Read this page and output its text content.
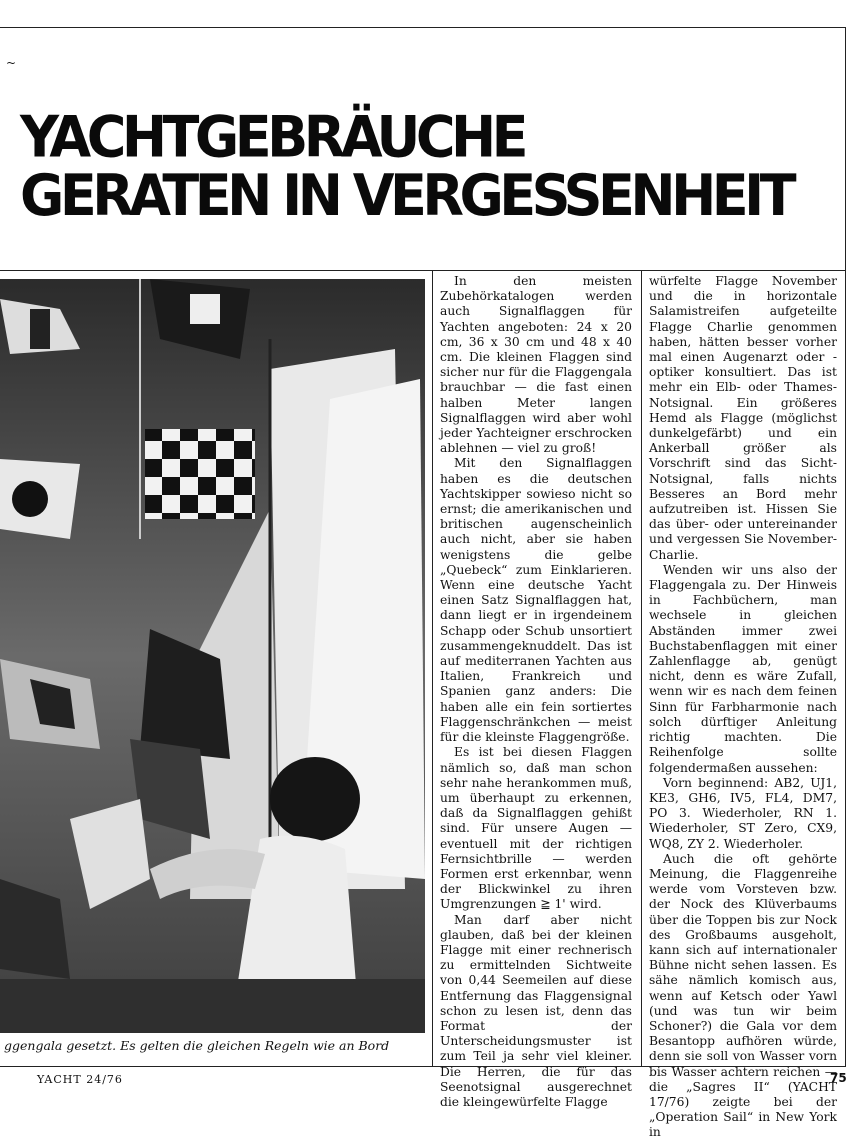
~
YACHTGEBRÄUCHE
GERATEN IN VERGESSENHEIT
ggengala gesetzt. Es gelten die gleichen Regeln wie an Bord

In den meisten Zubehörkatalogen werden auch Signalflaggen für Yachten angeboten: 24 x 20 cm, 36 x 30 cm und 48 x 40 cm. Die kleinen Flaggen sind sicher nur für die Flaggengala brauchbar — die fast einen halben Meter langen Signalflaggen wird aber wohl jeder Yachteigner erschrocken ablehnen — viel zu groß!

Mit den Signalflaggen haben es die deutschen Yachtskipper sowieso nicht so ernst; die amerikanischen und britischen augenscheinlich auch nicht, aber sie haben wenigstens die gelbe „Quebeck“ zum Einklarieren. Wenn eine deutsche Yacht einen Satz Signalflaggen hat, dann liegt er in irgendeinem Schapp oder Schub unsortiert zusammengeknuddelt. Das ist auf mediterranen Yachten aus Italien, Frankreich und Spanien ganz anders: Die haben alle ein fein sortiertes Flaggenschränkchen — meist für die kleinste Flaggengröße.

Es ist bei diesen Flaggen nämlich so, daß man schon sehr nahe herankommen muß, um überhaupt zu erkennen, daß da Signalflaggen gehißt sind. Für unsere Augen — eventuell mit der richtigen Fernsichtbrille — werden Formen erst erkennbar, wenn der Blickwinkel zu ihren Umgrenzungen ≧ 1' wird.

Man darf aber nicht glauben, daß bei der kleinen Flagge mit einer rechnerisch zu ermittelnden Sichtweite von 0,44 Seemeilen auf diese Entfernung das Flaggensignal schon zu lesen ist, denn das Format der Unterscheidungsmuster ist zum Teil ja sehr viel kleiner. Die Herren, die für das Seenotsignal ausgerechnet die kleingewürfelte Flagge

würfelte Flagge November und die in horizontale Salamistreifen aufgeteilte Flagge Charlie genommen haben, hätten besser vorher mal einen Augenarzt oder -optiker konsultiert. Das ist mehr ein Elb- oder Thames-Notsignal. Ein größeres Hemd als Flagge (möglichst dunkelgefärbt) und ein Ankerball größer als Vorschrift sind das Sicht-Notsignal, falls nichts Besseres an Bord mehr aufzutreiben ist. Hissen Sie das über- oder untereinander und vergessen Sie November-Charlie.

Wenden wir uns also der Flaggengala zu. Der Hinweis in Fachbüchern, man wechsele in gleichen Abständen immer zwei Buchstabenflaggen mit einer Zahlenflagge ab, genügt nicht, denn es wäre Zufall, wenn wir es nach dem feinen Sinn für Farbharmonie nach solch dürftiger Anleitung richtig machten. Die Reihenfolge sollte folgendermaßen aussehen:

Vorn beginnend: AB2, UJ1, KE3, GH6, IV5, FL4, DM7, PO 3. Wiederholer, RN 1. Wiederholer, ST Zero, CX9, WQ8, ZY 2. Wiederholer.

Auch die oft gehörte Meinung, die Flaggenreihe werde vom Vorsteven bzw. der Nock des Klüverbaums über die Toppen bis zur Nock des Großbaums ausgeholt, kann sich auf internationaler Bühne nicht sehen lassen. Es sähe nämlich komisch aus, wenn auf Ketsch oder Yawl (und was tun wir beim Schoner?) die Gala vor dem Besantopp aufhören würde, denn sie soll von Wasser vorn bis Wasser achtern reichen — die „Sagres II“ (YACHT 17/76) zeigte bei der „Operation Sail“ in New York in

YACHT 24/76	75
